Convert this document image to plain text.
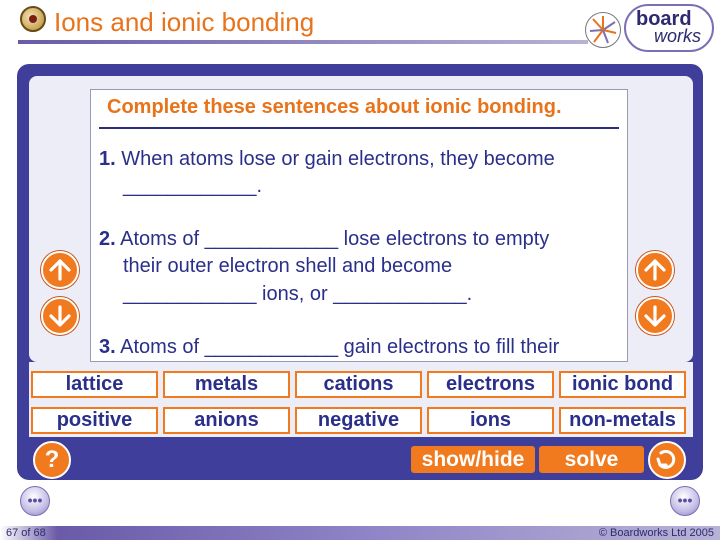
Ions and ionic bonding	board
works
Complete these sentences about ionic bonding.
1. When atoms lose or gain electrons, they become
____________.
2. Atoms of ____________ lose electrons to empty
their outer electron shell and become
____________ ions, or ____________.
3. Atoms of ____________ gain electrons to fill their
lattice	metals	cations	electrons	ionic bond
positive	anions	negative	ions	non-metals
?	show/hide	solve
•••	•••
67 of 68	© Boardworks Ltd 2005
